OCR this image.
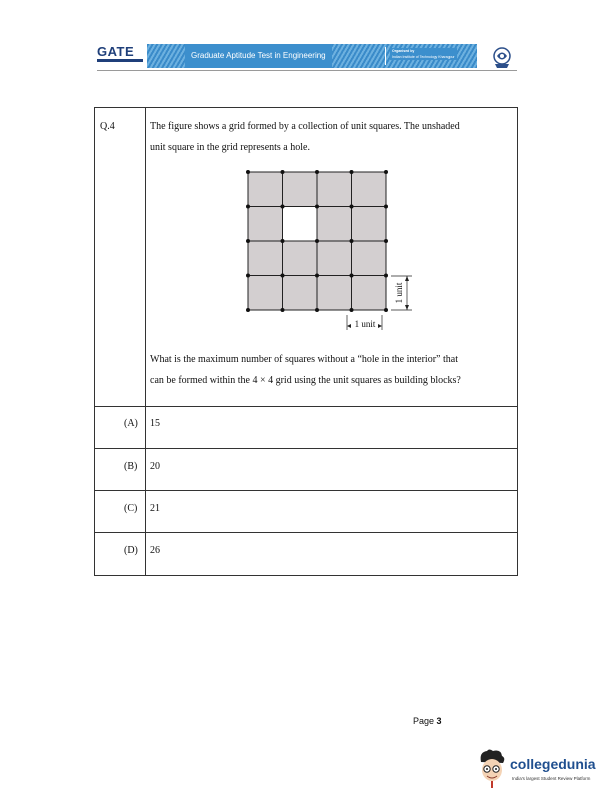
GATE	Graduate Aptitude Test in Engineering	Organised by
Indian Institute of Technology Kharagpur
Q.4	The figure shows a grid formed by a collection of unit squares. The unshaded
unit square in the grid represents a hole.
1 unit
1 unit
What is the maximum number of squares without a “hole in the interior” that
can be formed within the 4 × 4 grid using the unit squares as building blocks?
(A) 15
(B) 20
(C) 21
(D) 26
Page 3
collegedunia
India's largest Student Review Platform
